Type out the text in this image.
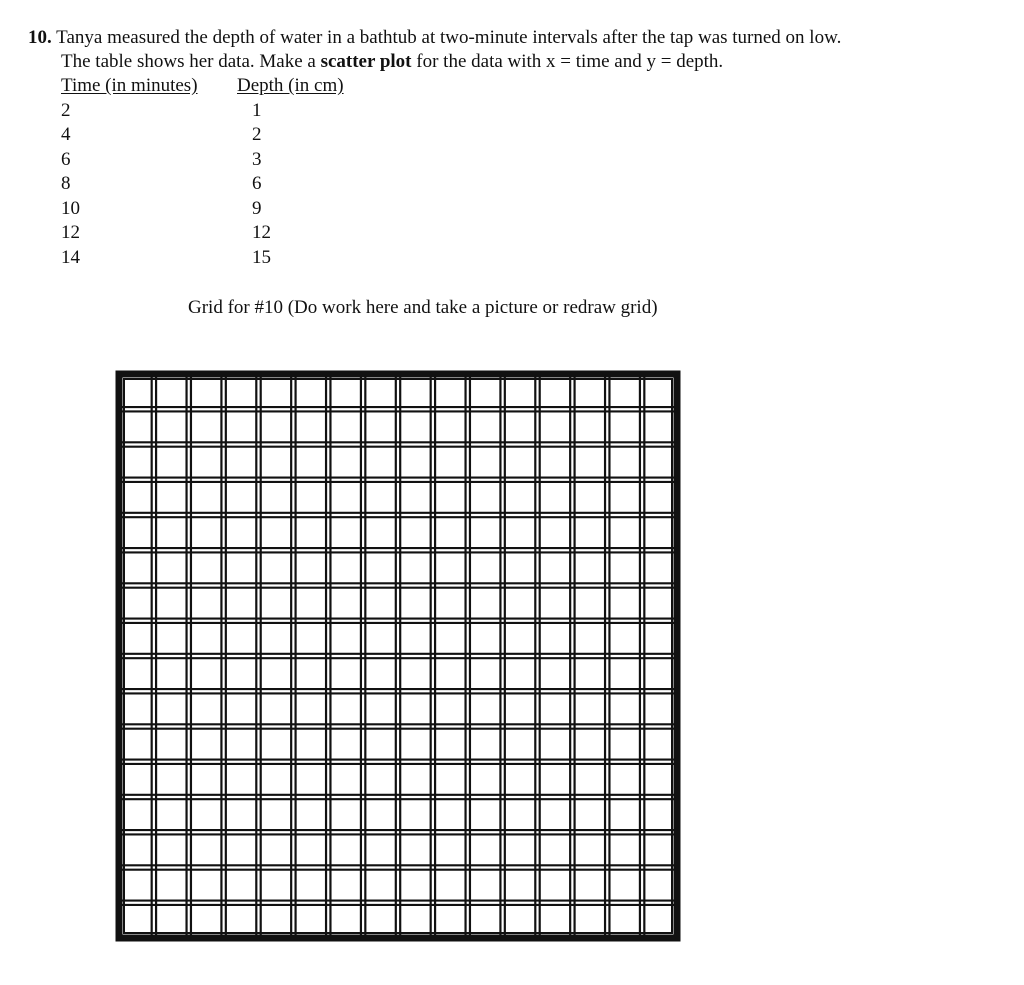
10. Tanya measured the depth of water in a bathtub at two-minute intervals after the tap was turned on low.
The table shows her data. Make a scatter plot for the data with x = time and y = depth.
Time (in minutes) Depth (in cm)
2	1
4	2
6	3
8	6
10	9
12	12
14	15
Grid for #10 (Do work here and take a picture or redraw grid)
